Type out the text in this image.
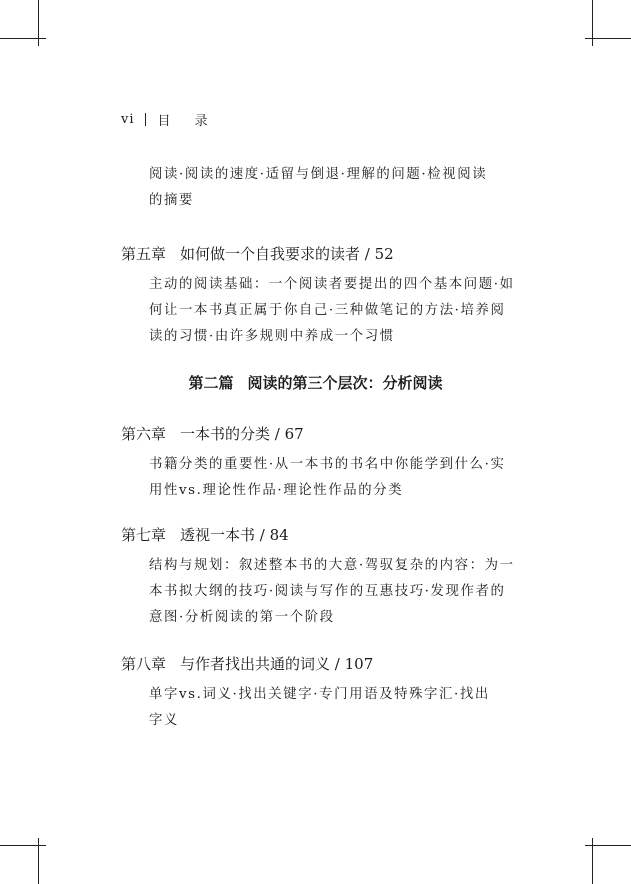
vi 目 录
阅读·阅读的速度·适留与倒退·理解的问题·检视阅读
的摘要
第五章 如何做一个自我要求的读者 / 52
主动的阅读基础：一个阅读者要提出的四个基本问题·如
何让一本书真正属于你自己·三种做笔记的方法·培养阅
读的习惯·由许多规则中养成一个习惯
第二篇 阅读的第三个层次：分析阅读
第六章 一本书的分类 / 67
书籍分类的重要性·从一本书的书名中你能学到什么·实
用性vs.理论性作品·理论性作品的分类
第七章 透视一本书 / 84
结构与规划：叙述整本书的大意·驾驭复杂的内容：为一
本书拟大纲的技巧·阅读与写作的互惠技巧·发现作者的
意图·分析阅读的第一个阶段
第八章 与作者找出共通的词义 / 107
单字vs.词义·找出关键字·专门用语及特殊字汇·找出
字义
